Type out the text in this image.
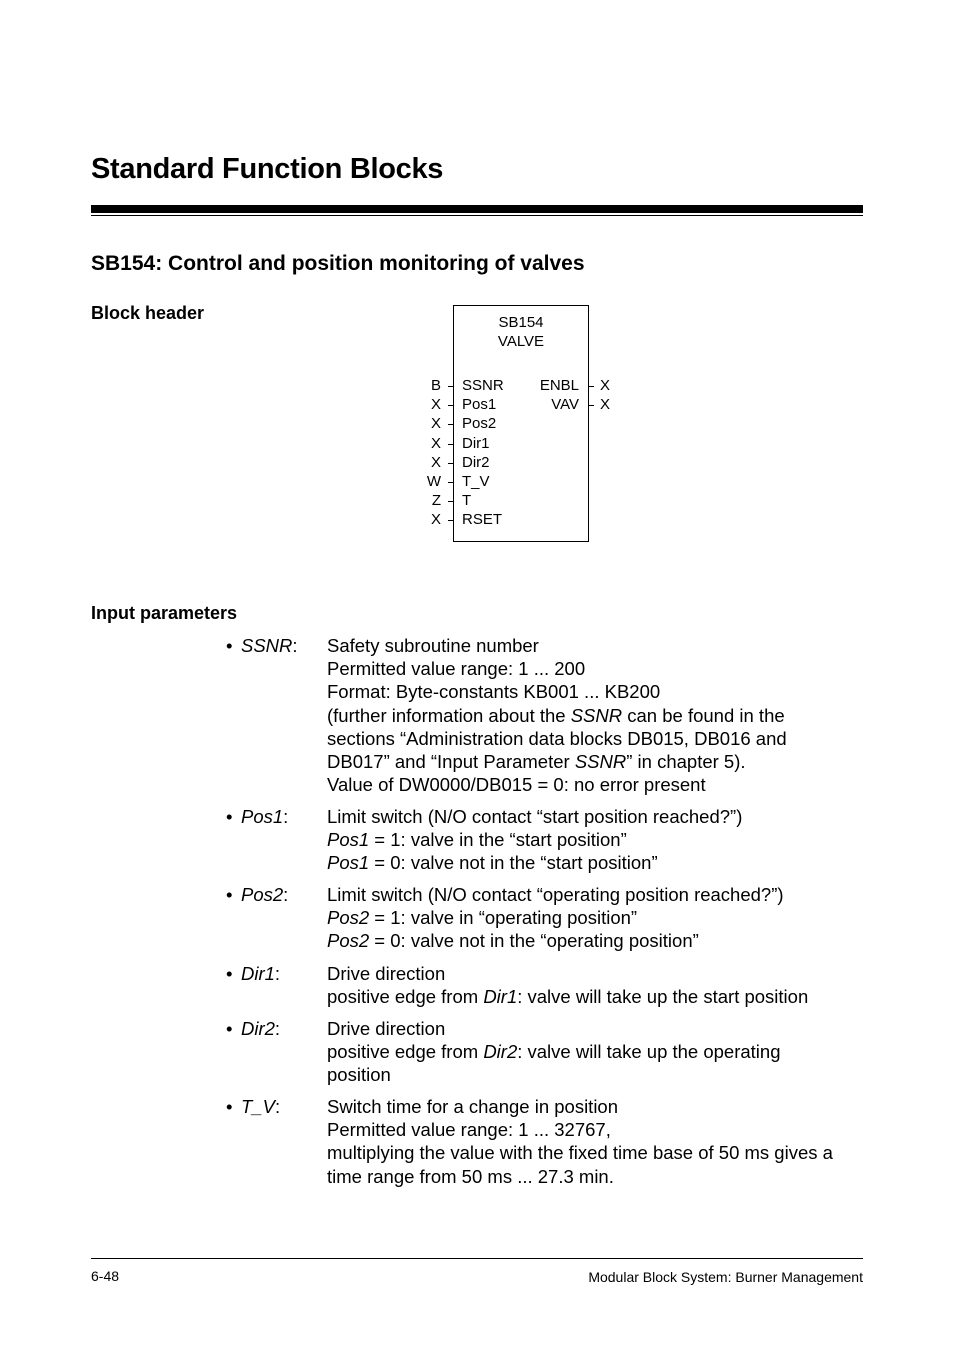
Standard Function Blocks
SB154: Control and position monitoring of valves
Block header	SB154
VALVE
B SSNR
X Pos1
X Pos2
X Dir1
X Dir2
W T_V
Z T
X RSET
ENBL X
VAV X
Input parameters
• SSNR: Safety subroutine number
Permitted value range: 1 ... 200
Format: Byte-constants KB001 ... KB200
(further information about the SSNR can be found in the
sections “Administration data blocks DB015, DB016 and
DB017” and “Input Parameter SSNR” in chapter 5).
Value of DW0000/DB015 = 0: no error present
• Pos1: Limit switch (N/O contact “start position reached?”)
Pos1 = 1: valve in the “start position”
Pos1 = 0: valve not in the “start position”
• Pos2: Limit switch (N/O contact “operating position reached?”)
Pos2 = 1: valve in “operating position”
Pos2 = 0: valve not in the “operating position”
• Dir1:	Drive direction
positive edge from Dir1: valve will take up the start position
• Dir2:	Drive direction
positive edge from Dir2: valve will take up the operating
position
• T_V:	Switch time for a change in position
Permitted value range: 1 ... 32767,
multiplying the value with the fixed time base of 50 ms gives a
time range from 50 ms ... 27.3 min.
6-48	Modular Block System: Burner Management
